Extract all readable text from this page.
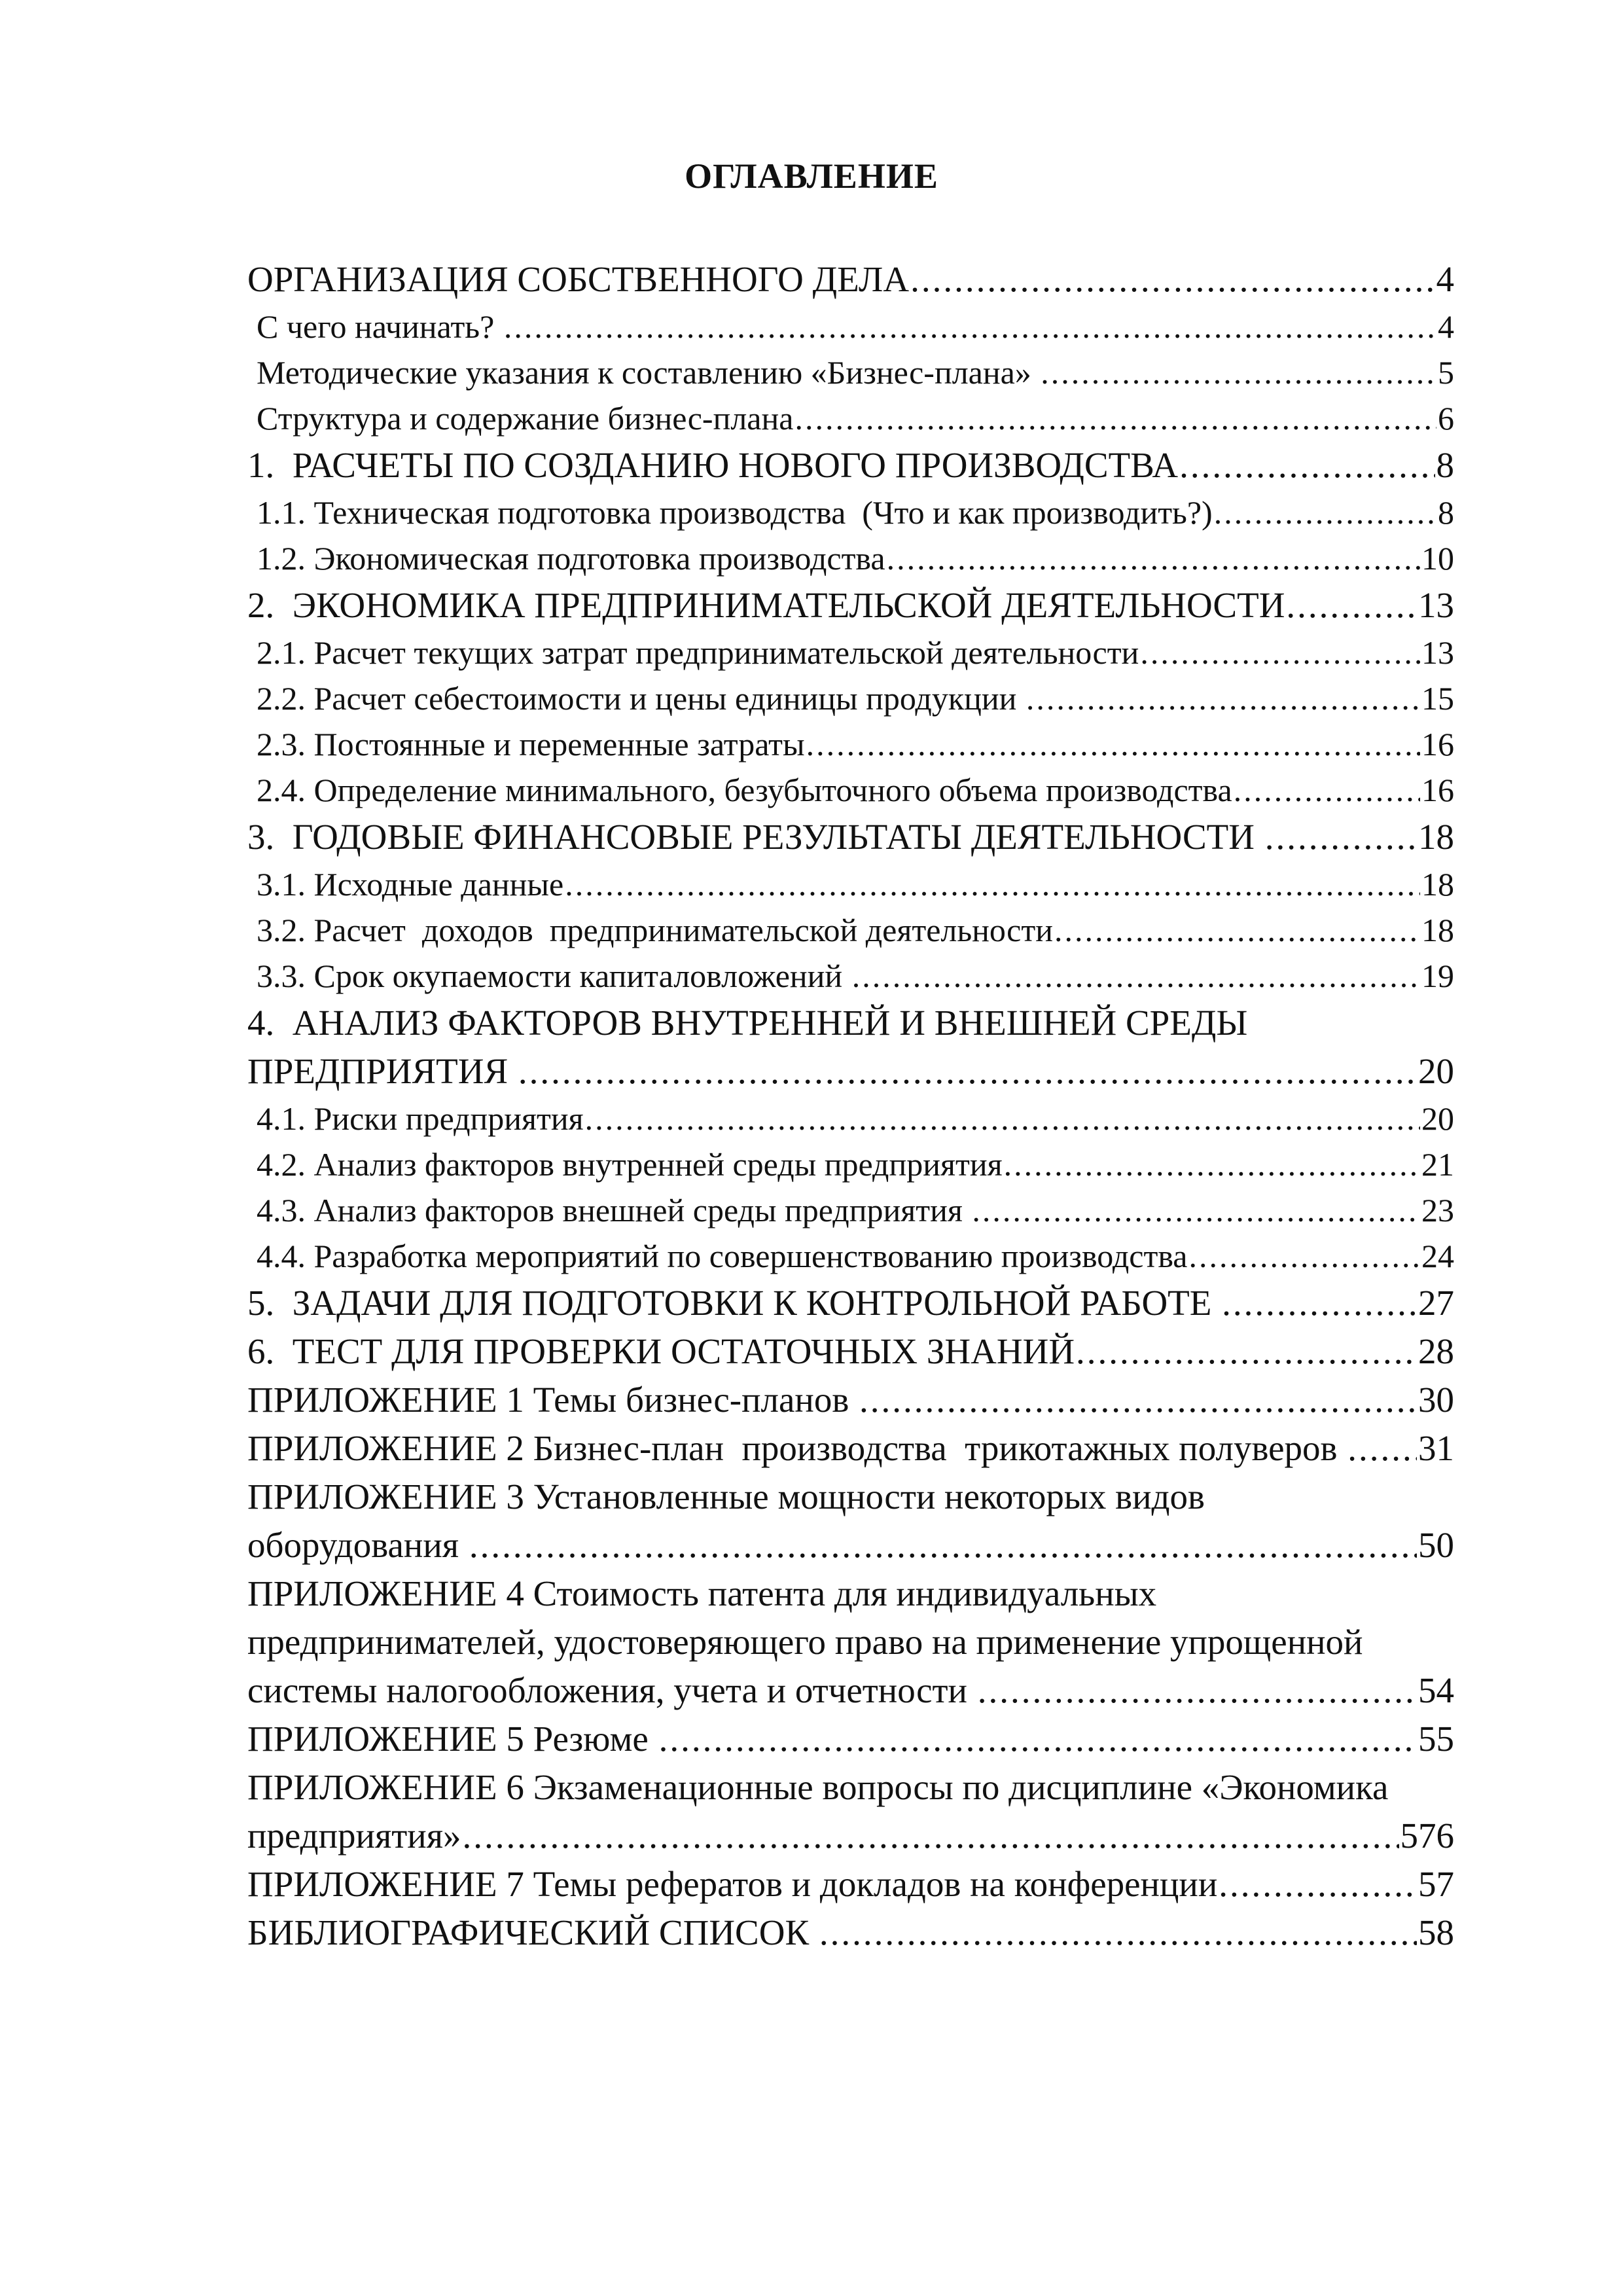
ОГЛАВЛЕНИЕ
ОРГАНИЗАЦИЯ СОБСТВЕННОГО ДЕЛА .....	4
С чего начинать? .....	4
Методические указания к составлению «Бизнес-плана» .....	5
Структура и содержание бизнес-плана .....	6
1.  РАСЧЕТЫ ПО СОЗДАНИЮ НОВОГО ПРОИЗВОДСТВА .....	8
1.1. Техническая подготовка производства  (Что и как производить?) .....	8
1.2. Экономическая подготовка производства .....	10
2.  ЭКОНОМИКА ПРЕДПРИНИМАТЕЛЬСКОЙ ДЕЯТЕЛЬНОСТИ .....	13
2.1. Расчет текущих затрат предпринимательской деятельности .....	13
2.2. Расчет себестоимости и цены единицы продукции .....	15
2.3. Постоянные и переменные затраты .....	16
2.4. Определение минимального, безубыточного объема производства .....	16
3.  ГОДОВЫЕ ФИНАНСОВЫЕ РЕЗУЛЬТАТЫ ДЕЯТЕЛЬНОСТИ .....	18
3.1. Исходные данные .....	18
3.2. Расчет  доходов  предпринимательской деятельности .....	18
3.3. Срок окупаемости капиталовложений .....	19
4.  АНАЛИЗ ФАКТОРОВ ВНУТРЕННЕЙ И ВНЕШНЕЙ СРЕДЫ
ПРЕДПРИЯТИЯ .....	20
4.1. Риски предприятия .....	20
4.2. Анализ факторов внутренней среды предприятия .....	21
4.3. Анализ факторов внешней среды предприятия .....	23
4.4. Разработка мероприятий по совершенствованию производства .....	24
5.  ЗАДАЧИ ДЛЯ ПОДГОТОВКИ К КОНТРОЛЬНОЙ РАБОТЕ .....	27
6.  ТЕСТ ДЛЯ ПРОВЕРКИ ОСТАТОЧНЫХ ЗНАНИЙ .....	28
ПРИЛОЖЕНИЕ 1 Темы бизнес-планов .....	30
ПРИЛОЖЕНИЕ 2 Бизнес-план  производства  трикотажных полуверов ..... 31
ПРИЛОЖЕНИЕ 3 Установленные мощности некоторых видов
оборудования .....	50
ПРИЛОЖЕНИЕ 4 Стоимость патента для индивидуальных
предпринимателей, удостоверяющего право на применение упрощенной
системы налогообложения, учета и отчетности .....	54
ПРИЛОЖЕНИЕ 5 Резюме .....	55
ПРИЛОЖЕНИЕ 6 Экзаменационные вопросы по дисциплине «Экономика
предприятия» .....	576
ПРИЛОЖЕНИЕ 7 Темы рефератов и докладов на конференции .....	57
БИБЛИОГРАФИЧЕСКИЙ СПИСОК .....	58
